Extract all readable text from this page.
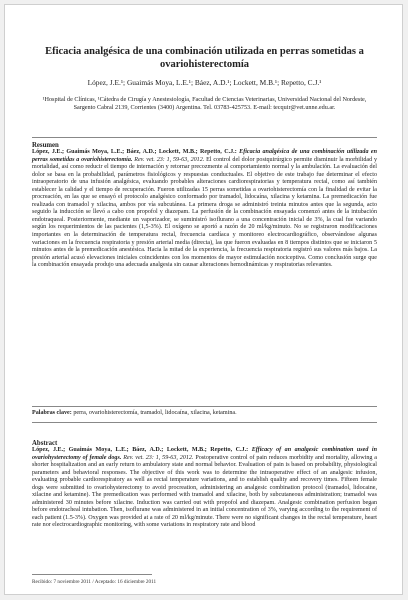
Eficacia analgésica de una combinación utilizada en perras sometidas a ovariohisterectomía
López, J.E.¹; Guaimás Moya, L.E.¹; Báez, A.D.¹; Lockett, M.B.¹; Repetto, C.J.¹
¹Hospital de Clínicas, ¹Cátedra de Cirugía y Anestesiología, Facultad de Ciencias Veterinarias, Universidad Nacional del Nordeste, Sargento Cabral 2139, Corrientes (3400) Argentina. Tel. 03783-425753. E-mail: tecquir@vet.unne.edu.ar.
Resumen
López, J.E.; Guaimás Moya, L.E.; Báez, A.D.; Lockett, M.B.; Repetto, C.J.: Eficacia analgésica de una combinación utilizada en perras sometidas a ovariohisterectomía. Rev. vet. 23: 1, 59-63, 2012. El control del dolor postquirúrgico permite disminuir la morbilidad y mortalidad, así como reducir el tiempo de internación y retornar precozmente al comportamiento normal y la ambulación. La evaluación del dolor se basa en la probabilidad, parámetros fisiológicos y respuestas conductuales. El objetivo de este trabajo fue determinar el efecto intraoperatorio de una infusión analgésica, evaluando probables alteraciones cardiorespiratorias y temperatura rectal, como así también establecer la calidad y el tiempo de recuperación. Fueron utilizadas 15 perras sometidas a ovariohisterectomía con la finalidad de evitar la procreación, en las que se ensayó el protocolo analgésico conformado por tramadol, lidocaína, xilacina y ketamina. La premedicación fue realizada con tramadol y xilacina, ambos por vía subcutánea. La primera droga se administró treinta minutos antes que la segunda, acto seguido la inducción se llevó a cabo con propofol y diazepam. La perfusión de la combinación ensayada comenzó antes de la intubación endotraqueal. Posteriormente, mediante un vaporizador, se suministró isoflurano a una concentración inicial de 3%, la cual fue variando según los requerimientos de las pacientes (1,5-3%). El oxígeno se aportó a razón de 20 ml/kg/minuto. No se registraron modificaciones importantes en la determinación de temperatura rectal, frecuencia cardíaca y monitoreo electrocardiográfico, observándose algunas variaciones en la frecuencia respiratoria y presión arterial media (directa), las que fueron evaluadas en 8 tiempos distintos que se iniciaron 5 minutos antes de la premedicación anestésica. Hacia la mitad de la experiencia, la frecuencia respiratoria registró sus valores más bajos. La presión arterial acusó elevaciones iniciales coincidentes con los momentos de mayor estimulación nociceptiva. Como conclusión surge que la combinación ensayada produjo una adecuada analgesia sin causar alteraciones hemodinámicas y respiratorias relevantes.
Palabras clave: perra, ovariohisterectomía, tramadol, lidocaína, xilacina, ketamina.
Abstract
López, J.E.; Guaimás Moya, L.E.; Báez, A.D.; Lockett, M.B.; Repetto, C.J.: Efficacy of an analgesic combination used in ovariohysterectomy of female dogs. Rev. vet. 23: 1, 59-63, 2012. Postoperative control of pain reduces morbidity and mortality, allowing a shorter hospitalization and an early return to ambulatory state and normal behavior. Evaluation of pain is based on probability, physiological parameters and behavioral responses. The objective of this work was to determine the intraoperative effect of an analgesic infusion, evaluating probable cardiorespiratory as well as rectal temperature variations, and to establish quality and recovery times. Fifteen female dogs were submitted to ovariohysterectomy to avoid procreation, administering an analgesic combination protocol (tramadol, lidocaine, xilacine and ketamine). The premedication was performed with tramadol and xilacine, both by subcutaneous administration; tramadol was administered 30 minutes before xilacine. Induction was carried out with propofol and diazepam. Analgesic combination perfusion began before endotracheal intubation. Then, isoflurane was administered in an initial concentration of 3%, varying according to the requirement of each patient (1.5-3%). Oxygen was provided at a rate of 20 ml/kg/minute. There were no significant changes in the rectal temperature, heart rate nor electrocardiographic monitoring, with some variations in respiratory rate and blood
Recibido: 7 noviembre 2011 / Aceptado: 16 diciembre 2011
